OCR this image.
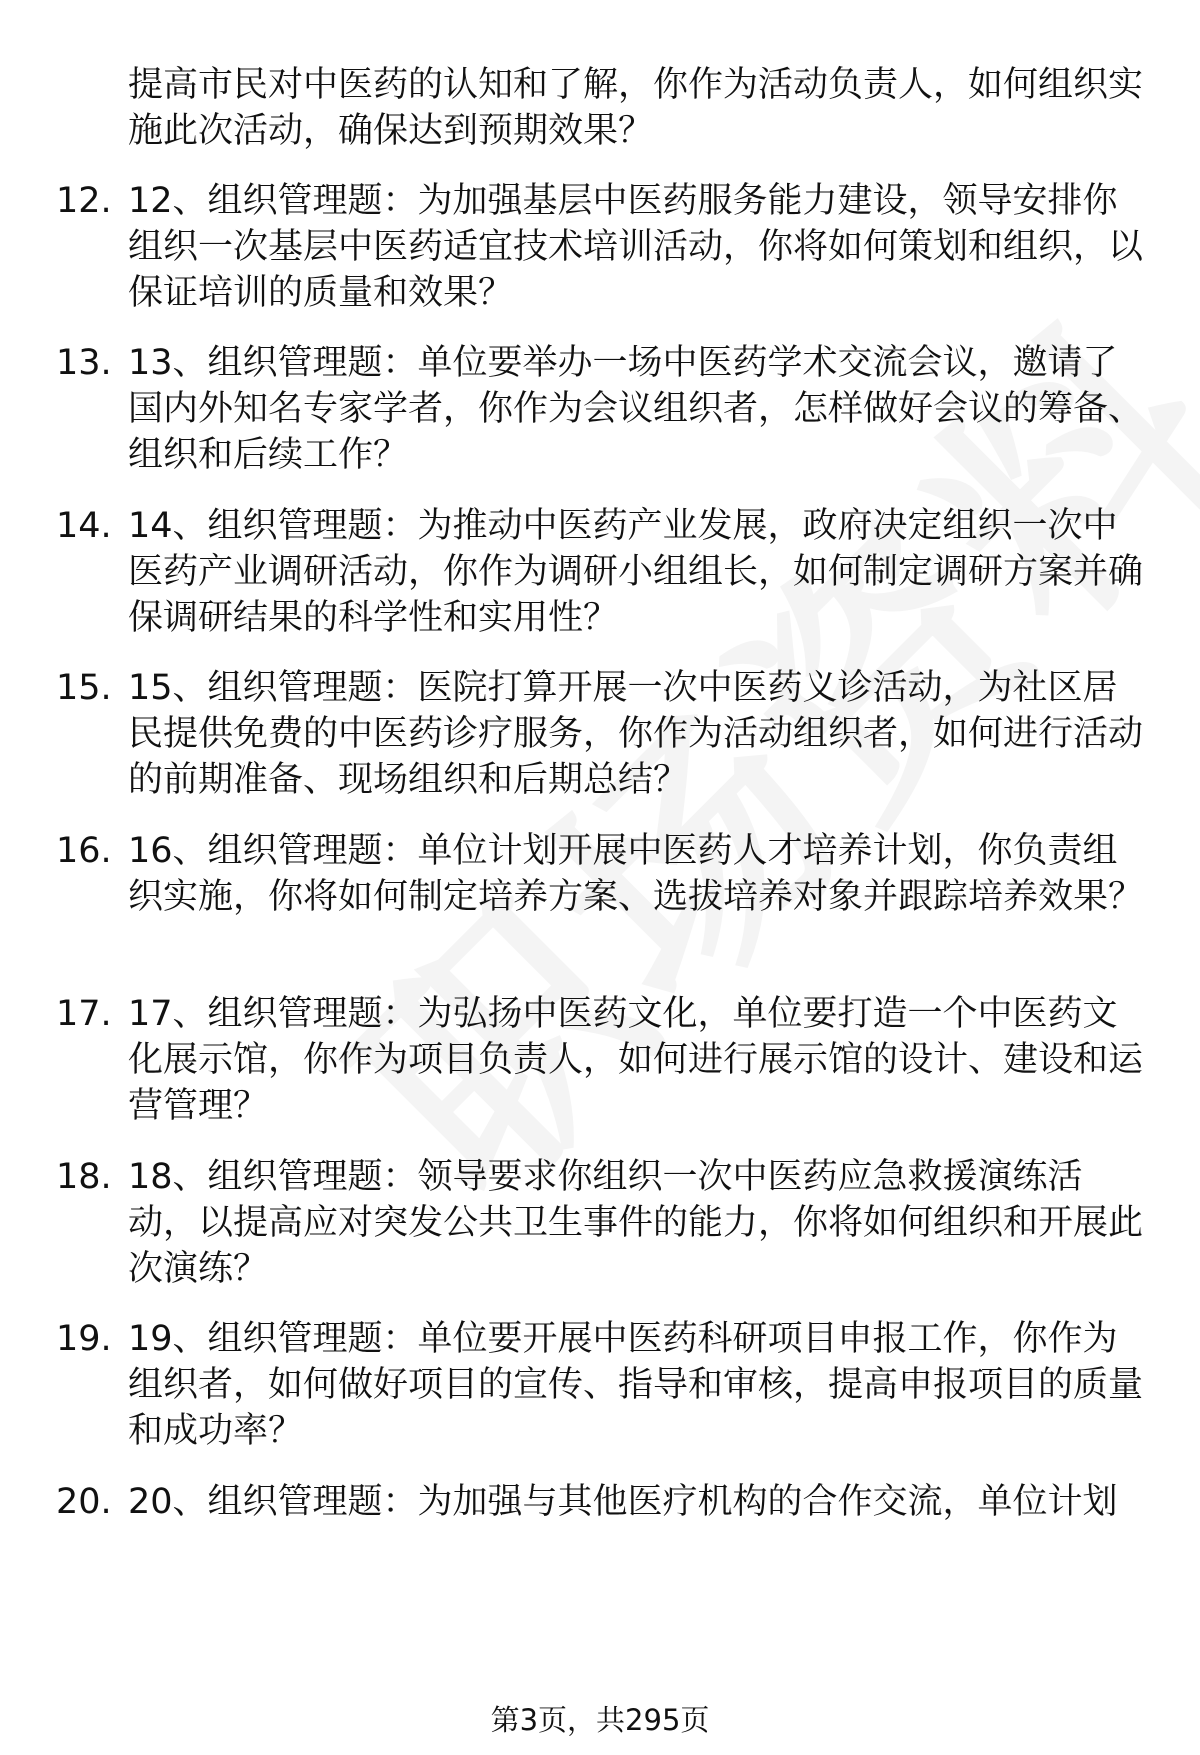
提高市民对中医药的认知和了解，你作为活动负责人，如何组织实施此次活动，确保达到预期效果？
12. 12、组织管理题：为加强基层中医药服务能力建设，领导安排你组织一次基层中医药适宜技术培训活动，你将如何策划和组织，以保证培训的质量和效果？
13. 13、组织管理题：单位要举办一场中医药学术交流会议，邀请了国内外知名专家学者，你作为会议组织者，怎样做好会议的筹备、组织和后续工作？
14. 14、组织管理题：为推动中医药产业发展，政府决定组织一次中医药产业调研活动，你作为调研小组组长，如何制定调研方案并确保调研结果的科学性和实用性？
15. 15、组织管理题：医院打算开展一次中医药义诊活动，为社区居民提供免费的中医药诊疗服务，你作为活动组织者，如何进行活动的前期准备、现场组织和后期总结？
16. 16、组织管理题：单位计划开展中医药人才培养计划，你负责组织实施，你将如何制定培养方案、选拔培养对象并跟踪培养效果？
17. 17、组织管理题：为弘扬中医药文化，单位要打造一个中医药文化展示馆，你作为项目负责人，如何进行展示馆的设计、建设和运营管理？
18. 18、组织管理题：领导要求你组织一次中医药应急救援演练活动，以提高应对突发公共卫生事件的能力，你将如何组织和开展此次演练？
19. 19、组织管理题：单位要开展中医药科研项目申报工作，你作为组织者，如何做好项目的宣传、指导和审核，提高申报项目的质量和成功率？
20. 20、组织管理题：为加强与其他医疗机构的合作交流，单位计划
第3页，共295页
